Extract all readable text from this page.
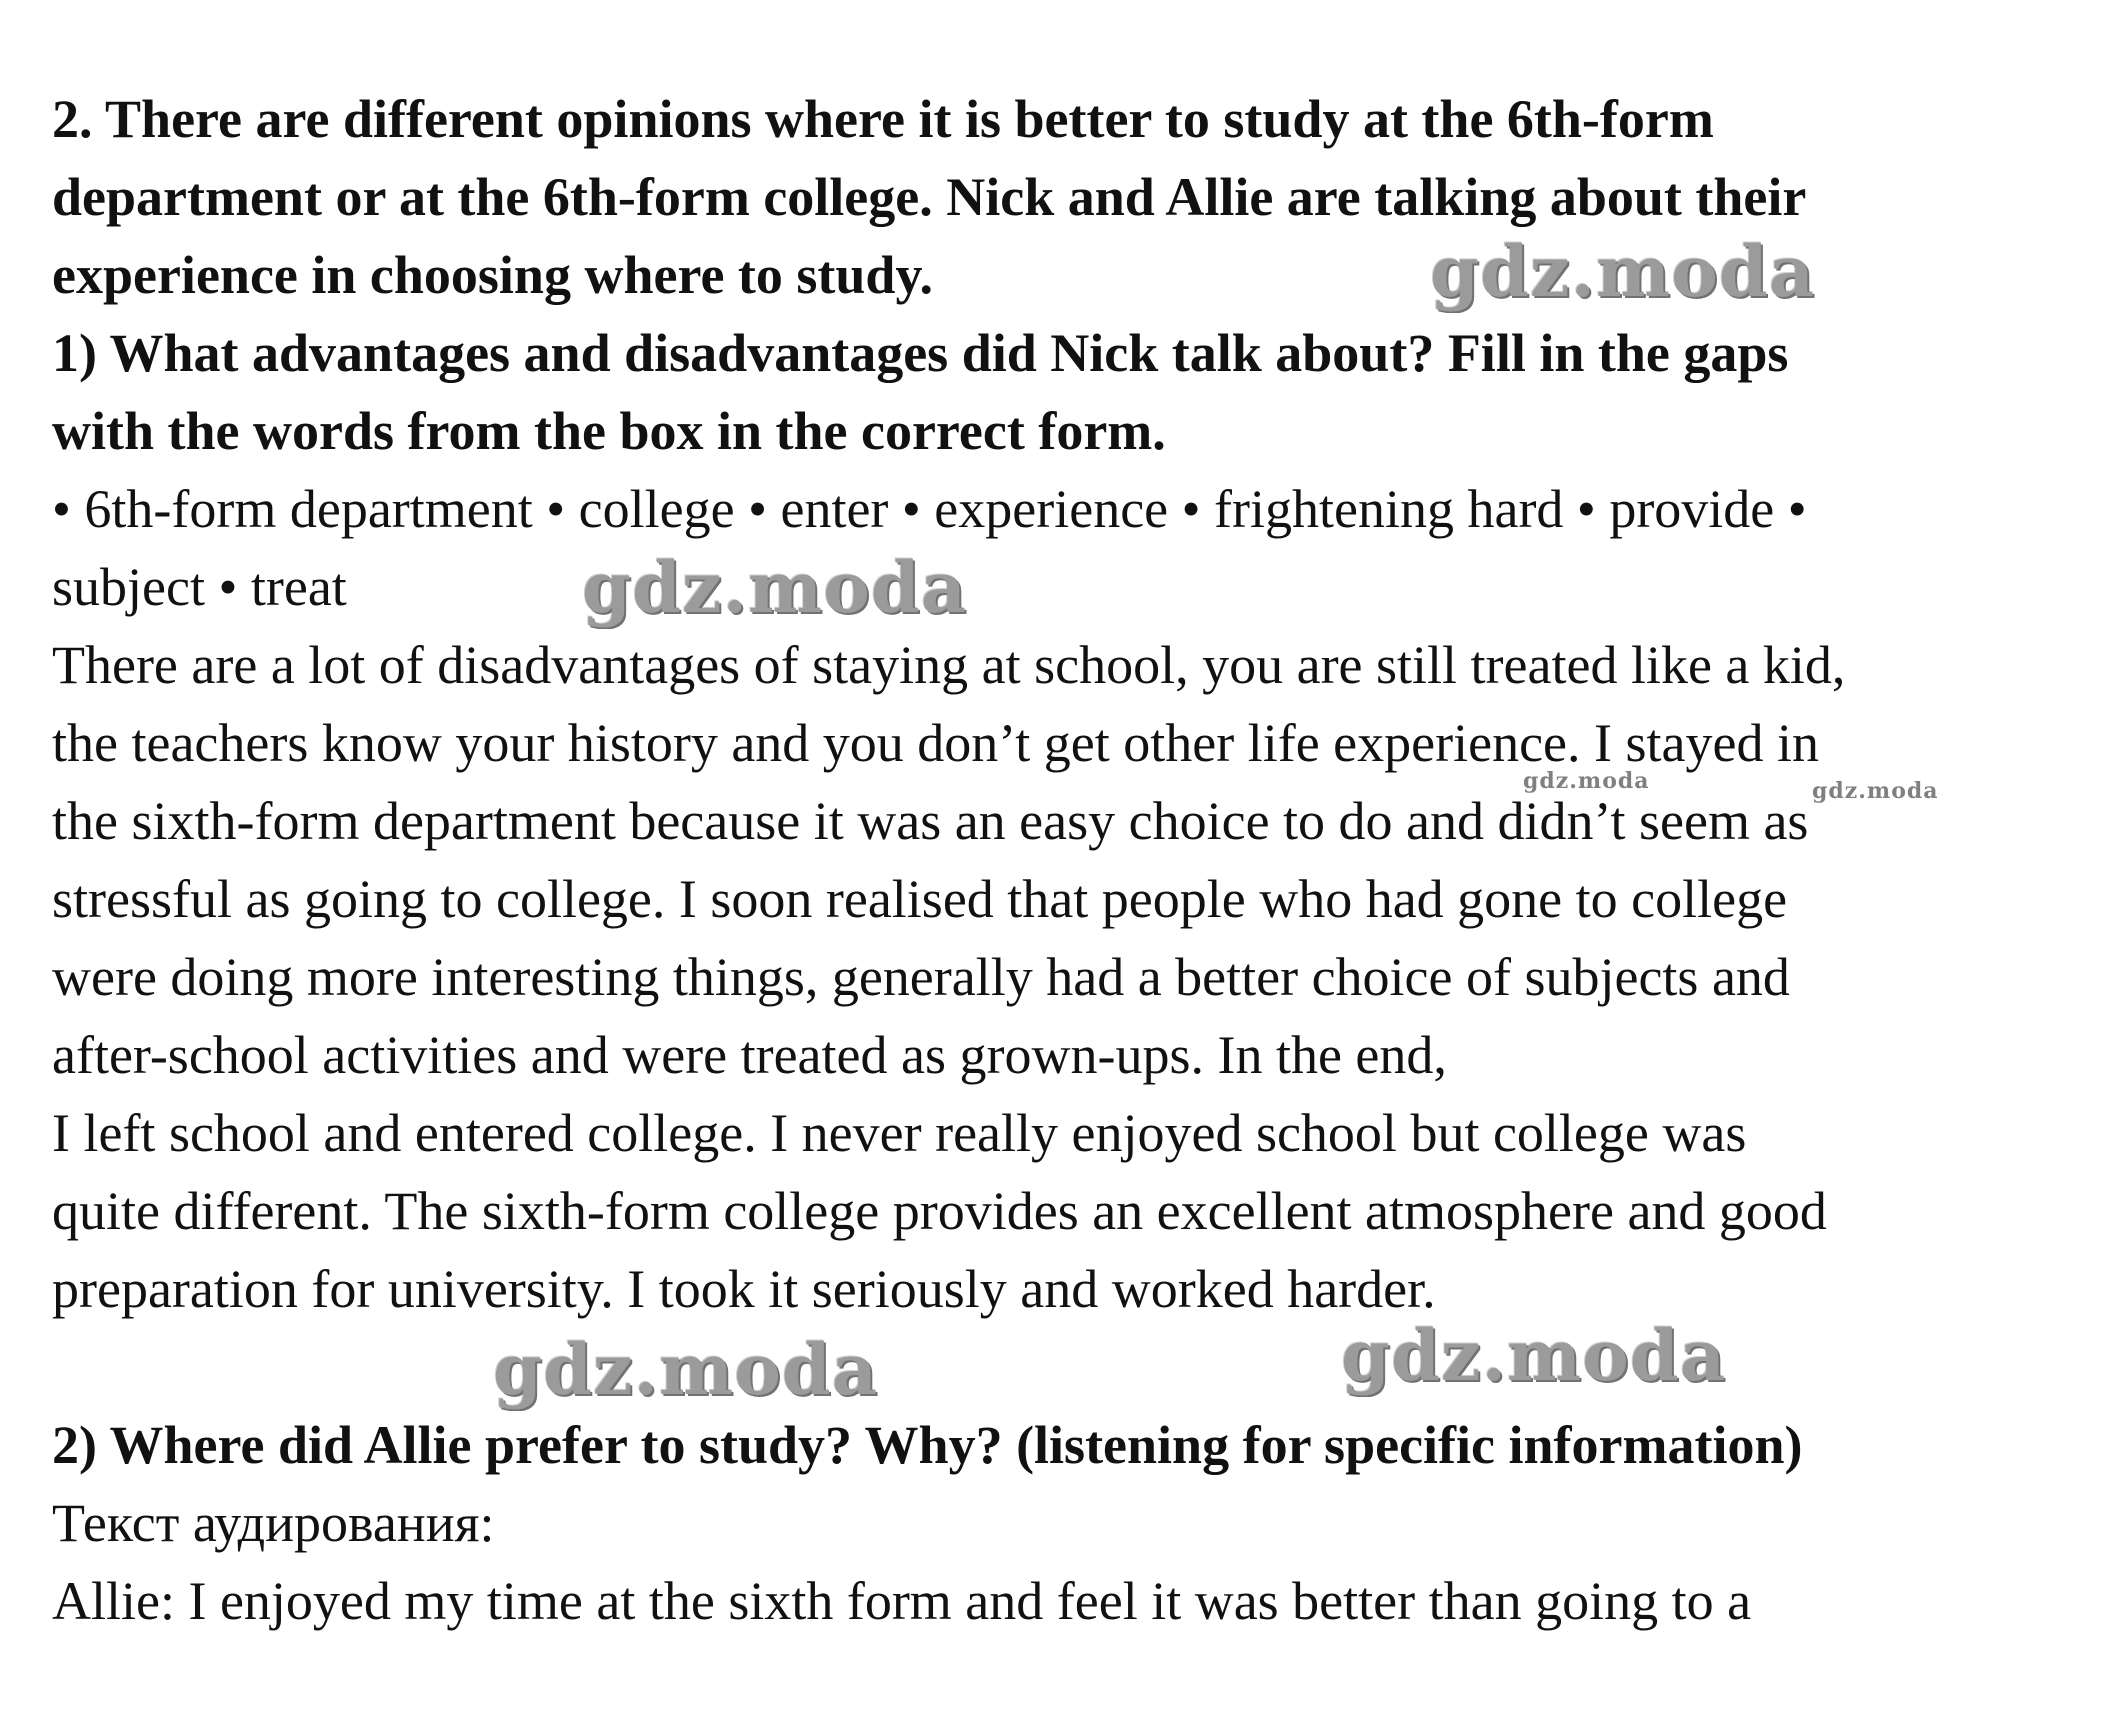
2. There are different opinions where it is better to study at the 6th-form
department or at the 6th-form college. Nick and Allie are talking about their
experience in choosing where to study.
1) What advantages and disadvantages did Nick talk about? Fill in the gaps
with the words from the box in the correct form.
• 6th-form department • college • enter • experience • frightening hard • provide •
subject • treat
There are a lot of disadvantages of staying at school, you are still treated like a kid,
the teachers know your history and you don’t get other life experience. I stayed in
the sixth-form department because it was an easy choice to do and didn’t seem as
stressful as going to college. I soon realised that people who had gone to college
were doing more interesting things, generally had a better choice of subjects and
after-school activities and were treated as grown-ups. In the end,
I left school and entered college. I never really enjoyed school but college was
quite different. The sixth-form college provides an excellent atmosphere and good
preparation for university. I took it seriously and worked harder.
2) Where did Allie prefer to study? Why? (listening for specific information)
Текст аудирования:
Allie: I enjoyed my time at the sixth form and feel it was better than going to a
gdz.moda
gdz.moda
gdz.moda	gdz.moda
gdz.moda	gdz.moda
